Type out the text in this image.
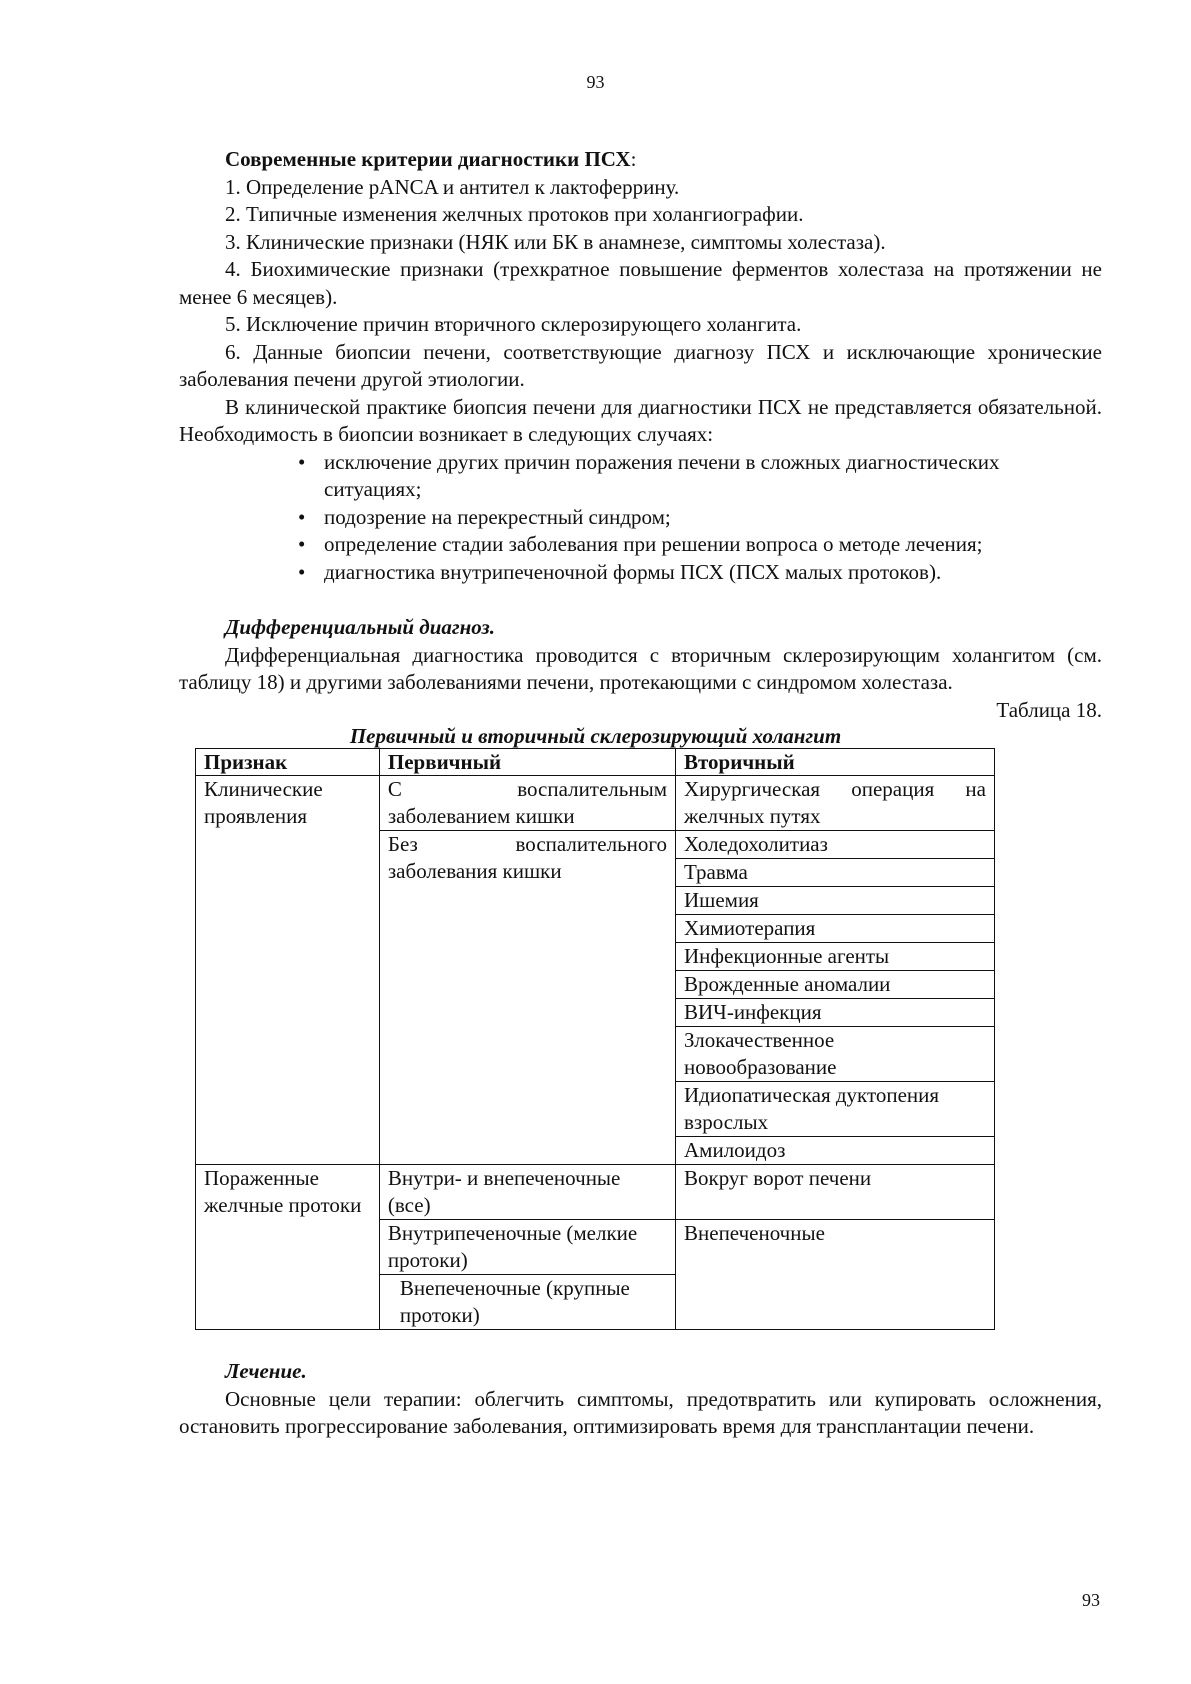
93

Современные критерии диагностики ПСХ:

1. Определение pANCA и антител к лактоферрину.

2. Типичные изменения желчных протоков при холангиографии.

3. Клинические признаки (НЯК или БК в анамнезе, симптомы холестаза).

4. Биохимические признаки (трехкратное повышение ферментов холестаза на протяжении не менее 6 месяцев).

5. Исключение причин вторичного склерозирующего холангита.

6. Данные биопсии печени, соответствующие диагнозу ПСХ и исключающие хронические заболевания печени другой этиологии.

В клинической практике биопсия печени для диагностики ПСХ не представляется обязательной. Необходимость в биопсии возникает в следующих случаях:

• исключение других причин поражения печени в сложных диагностических ситуациях;
• подозрение на перекрестный синдром;
• определение стадии заболевания при решении вопроса о методе лечения;
• диагностика внутрипеченочной формы ПСХ (ПСХ малых протоков).

Дифференциальный диагноз.

Дифференциальная диагностика проводится с вторичным склерозирующим холангитом (см. таблицу 18) и другими заболеваниями печени, протекающими с синдромом холестаза.

Таблица 18.

Первичный и вторичный склерозирующий холангит

Признак	Первичный	Вторичный
Клинические проявления	С воспалительным заболеванием кишки	Хирургическая операция на желчных путях
	Без воспалительного заболевания кишки	Холедохолитиаз
		Травма
		Ишемия
		Химиотерапия
		Инфекционные агенты
		Врожденные аномалии
		ВИЧ-инфекция
		Злокачественное новообразование
		Идиопатическая дуктопения взрослых
		Амилоидоз
Пораженные желчные протоки	Внутри- и внепеченочные (все)	Вокруг ворот печени
	Внутрипеченочные (мелкие протоки)	Внепеченочные
	Внепеченочные (крупные протоки)	

Лечение.

Основные цели терапии: облегчить симптомы, предотвратить или купировать осложнения, остановить прогрессирование заболевания, оптимизировать время для трансплантации печени.

93
